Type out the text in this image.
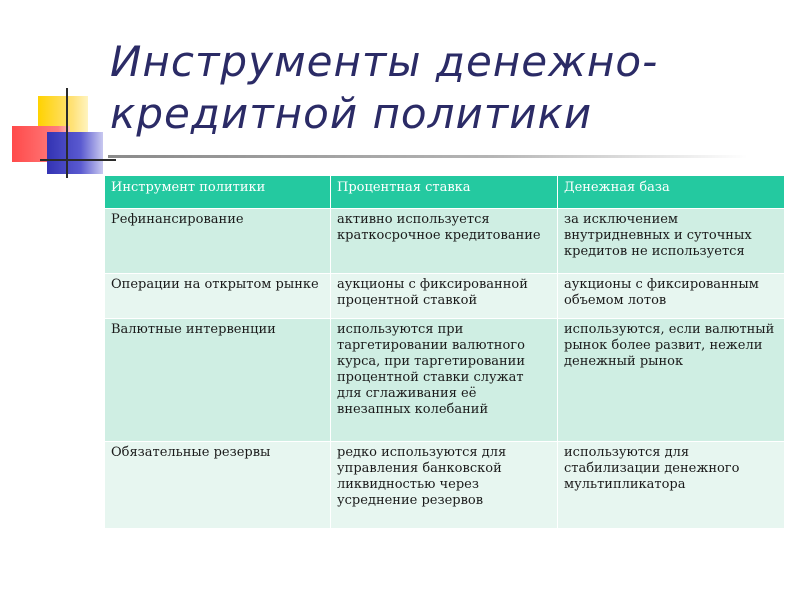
Инструменты денежно-кредитной политики
Инструмент политики	Процентная ставка	Денежная база
Рефинансирование	активно используется краткосрочное кредитование	за исключением внутридневных и суточных кредитов не используется
Операции на открытом рынке	аукционы с фиксированной процентной ставкой	аукционы с фиксированным объемом лотов
Валютные интервенции	используются при таргетировании валютного курса, при таргетировании процентной ставки служат для сглаживания её внезапных колебаний	используются, если валютный рынок более развит, нежели денежный рынок
Обязательные резервы	редко используются для управления банковской ликвидностью через усреднение резервов	используются для стабилизации денежного мультипликатора
